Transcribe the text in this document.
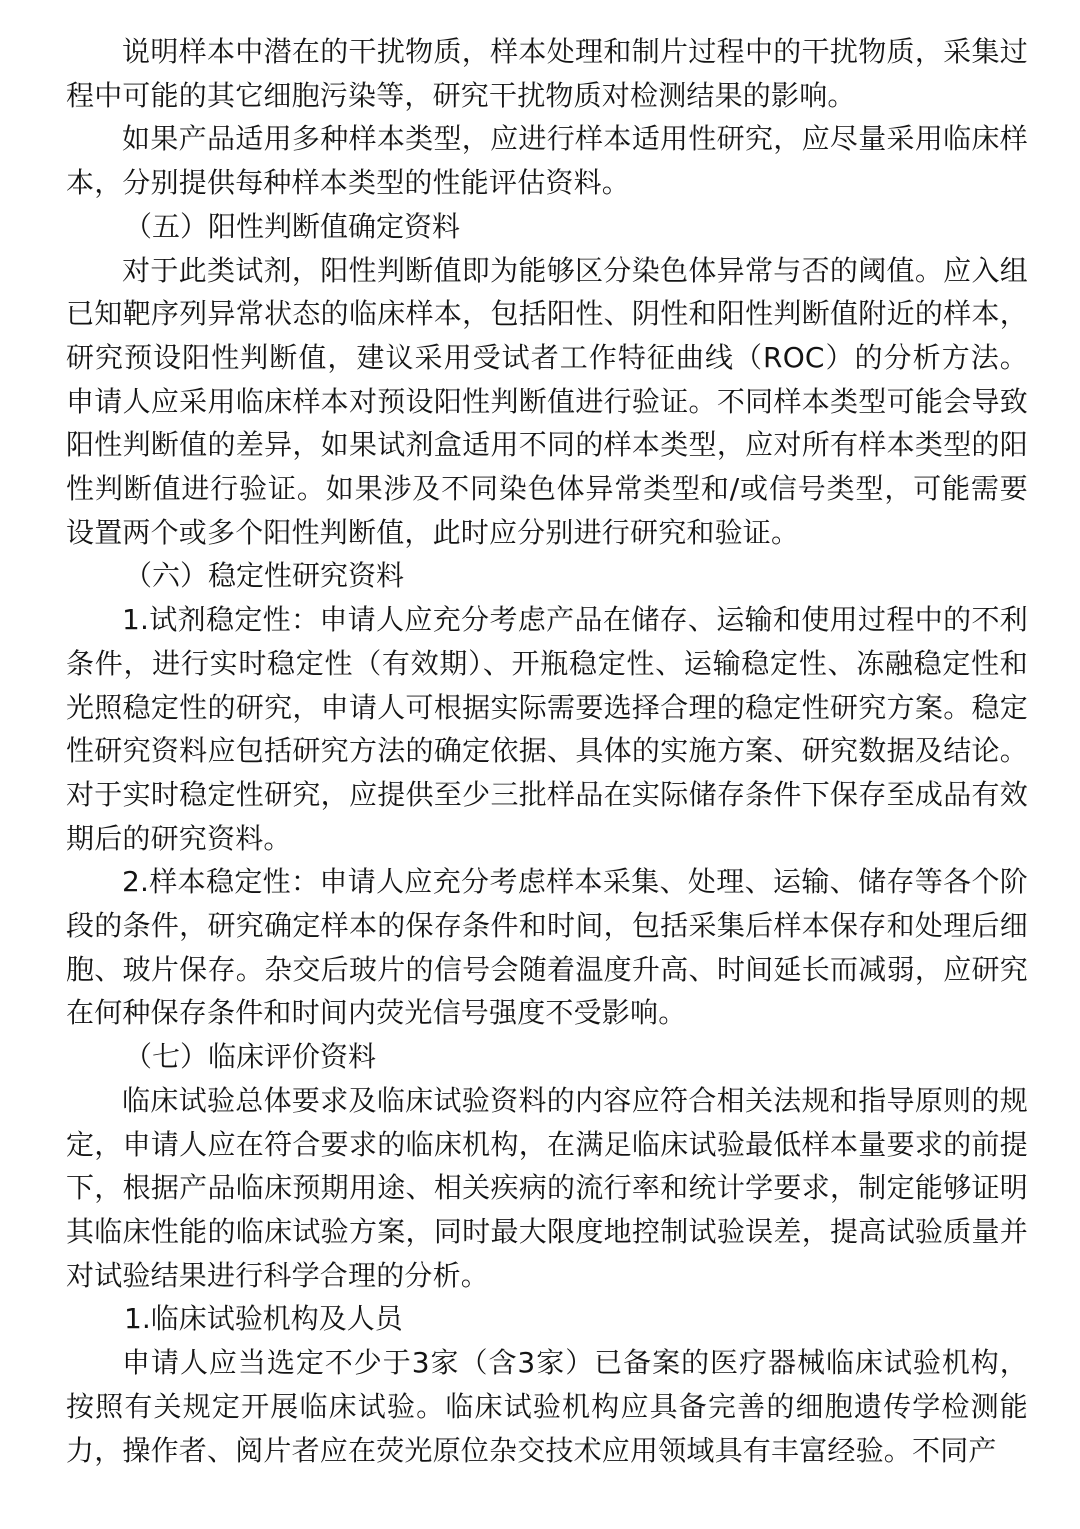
说明样本中潜在的干扰物质，样本处理和制片过程中的干扰物质，采集过程中可能的其它细胞污染等，研究干扰物质对检测结果的影响。

如果产品适用多种样本类型，应进行样本适用性研究，应尽量采用临床样本，分别提供每种样本类型的性能评估资料。

（五）阳性判断值确定资料

对于此类试剂，阳性判断值即为能够区分染色体异常与否的阈值。应入组已知靶序列异常状态的临床样本，包括阳性、阴性和阳性判断值附近的样本，研究预设阳性判断值，建议采用受试者工作特征曲线（ROC）的分析方法。申请人应采用临床样本对预设阳性判断值进行验证。不同样本类型可能会导致阳性判断值的差异，如果试剂盒适用不同的样本类型，应对所有样本类型的阳性判断值进行验证。如果涉及不同染色体异常类型和/或信号类型，可能需要设置两个或多个阳性判断值，此时应分别进行研究和验证。

（六）稳定性研究资料

1.试剂稳定性：申请人应充分考虑产品在储存、运输和使用过程中的不利条件，进行实时稳定性（有效期）、开瓶稳定性、运输稳定性、冻融稳定性和光照稳定性的研究，申请人可根据实际需要选择合理的稳定性研究方案。稳定性研究资料应包括研究方法的确定依据、具体的实施方案、研究数据及结论。对于实时稳定性研究，应提供至少三批样品在实际储存条件下保存至成品有效期后的研究资料。

2.样本稳定性：申请人应充分考虑样本采集、处理、运输、储存等各个阶段的条件，研究确定样本的保存条件和时间，包括采集后样本保存和处理后细胞、玻片保存。杂交后玻片的信号会随着温度升高、时间延长而减弱，应研究在何种保存条件和时间内荧光信号强度不受影响。

（七）临床评价资料

临床试验总体要求及临床试验资料的内容应符合相关法规和指导原则的规定，申请人应在符合要求的临床机构，在满足临床试验最低样本量要求的前提下，根据产品临床预期用途、相关疾病的流行率和统计学要求，制定能够证明其临床性能的临床试验方案，同时最大限度地控制试验误差，提高试验质量并对试验结果进行科学合理的分析。

1.临床试验机构及人员

申请人应当选定不少于3家（含3家）已备案的医疗器械临床试验机构，按照有关规定开展临床试验。临床试验机构应具备完善的细胞遗传学检测能力，操作者、阅片者应在荧光原位杂交技术应用领域具有丰富经验。不同产
